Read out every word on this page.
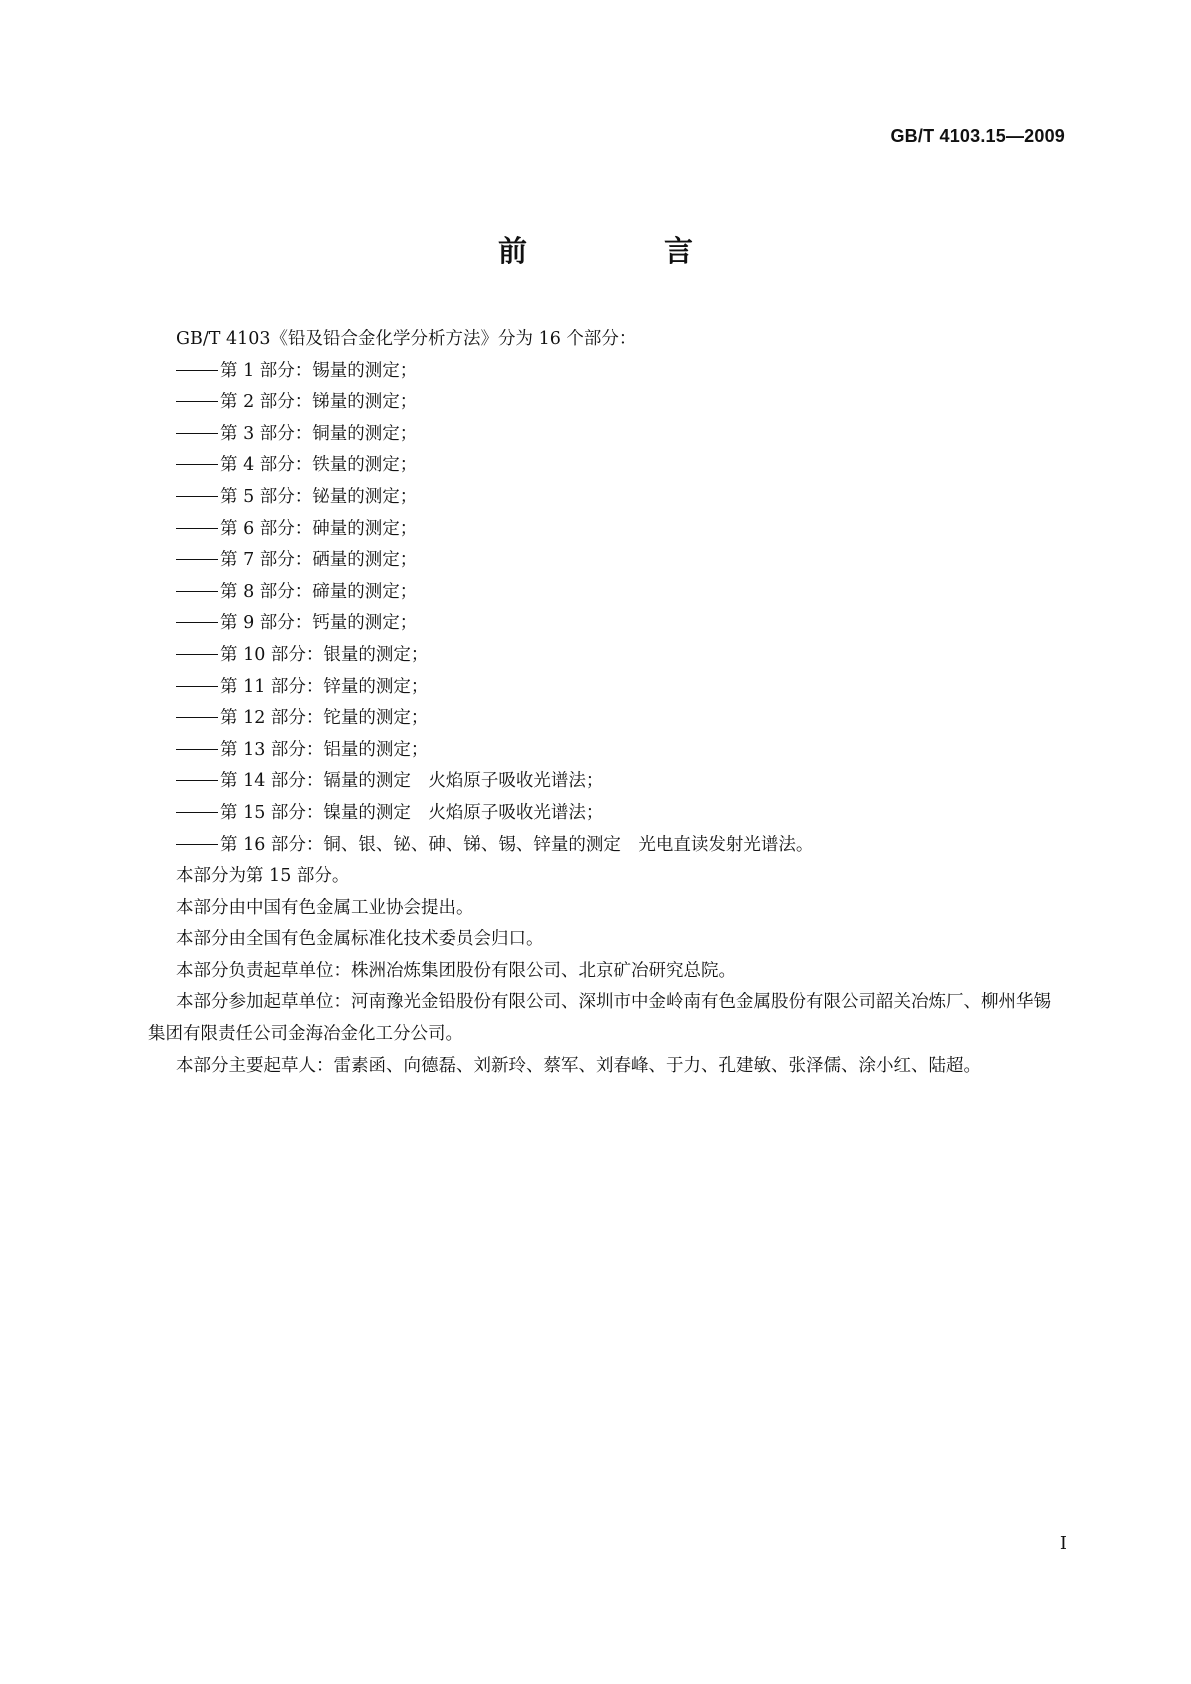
GB/T 4103.15—2009
前　言
GB/T 4103《铅及铅合金化学分析方法》分为 16 个部分：
第 1 部分：锡量的测定；
第 2 部分：锑量的测定；
第 3 部分：铜量的测定；
第 4 部分：铁量的测定；
第 5 部分：铋量的测定；
第 6 部分：砷量的测定；
第 7 部分：硒量的测定；
第 8 部分：碲量的测定；
第 9 部分：钙量的测定；
第 10 部分：银量的测定；
第 11 部分：锌量的测定；
第 12 部分：铊量的测定；
第 13 部分：铝量的测定；
第 14 部分：镉量的测定　火焰原子吸收光谱法；
第 15 部分：镍量的测定　火焰原子吸收光谱法；
第 16 部分：铜、银、铋、砷、锑、锡、锌量的测定　光电直读发射光谱法。
本部分为第 15 部分。
本部分由中国有色金属工业协会提出。
本部分由全国有色金属标准化技术委员会归口。
本部分负责起草单位：株洲冶炼集团股份有限公司、北京矿冶研究总院。
本部分参加起草单位：河南豫光金铅股份有限公司、深圳市中金岭南有色金属股份有限公司韶关冶炼厂、柳州华锡集团有限责任公司金海冶金化工分公司。
本部分主要起草人：雷素函、向德磊、刘新玲、蔡军、刘春峰、于力、孔建敏、张泽儒、涂小红、陆超。
I
